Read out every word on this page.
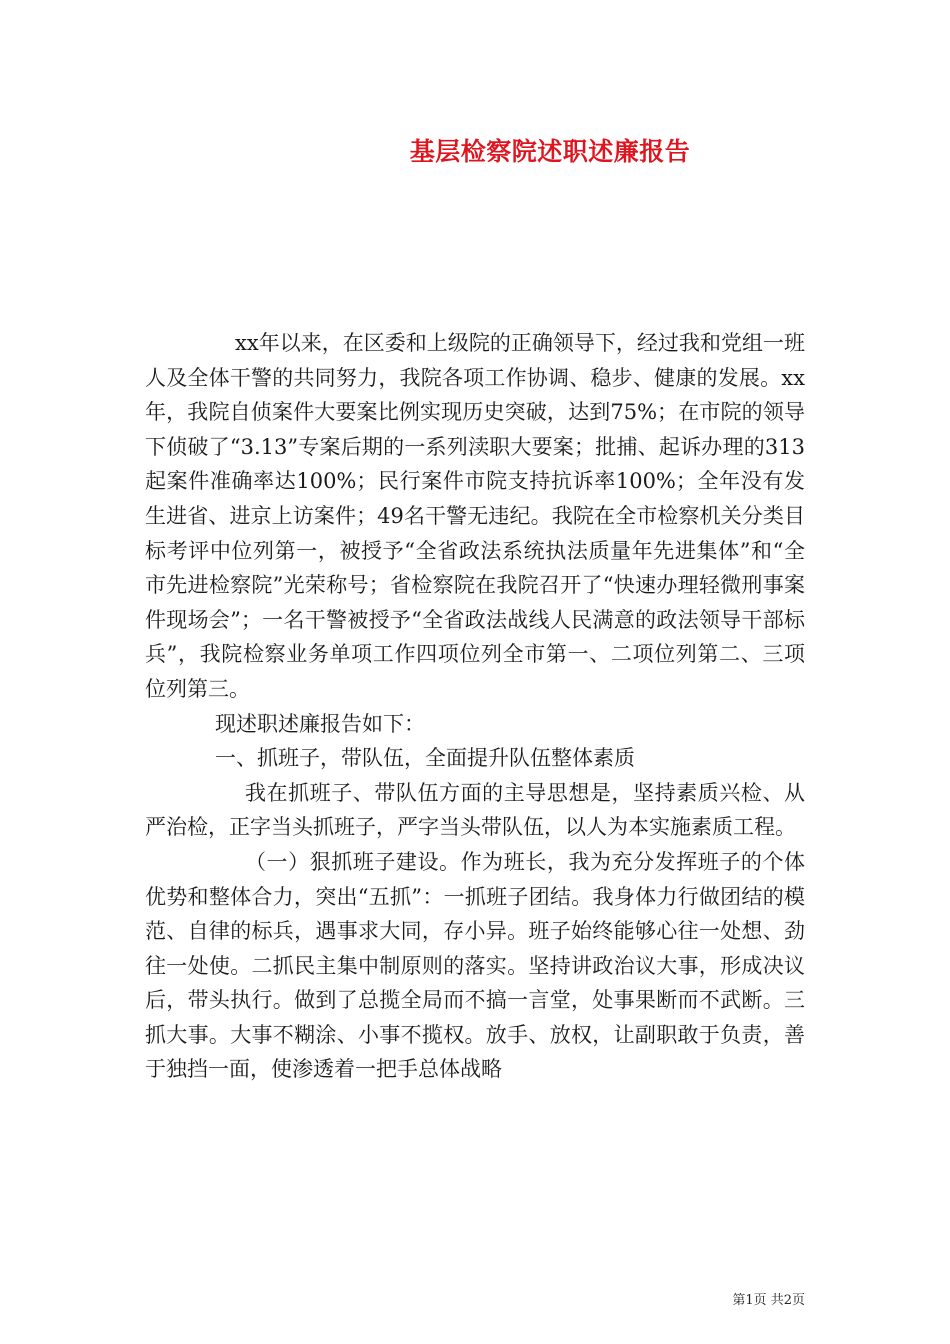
基层检察院述职述廉报告

xx年以来，在区委和上级院的正确领导下，经过我和党组一班人及全体干警的共同努力，我院各项工作协调、稳步、健康的发展。xx年，我院自侦案件大要案比例实现历史突破，达到75%；在市院的领导下侦破了“3.13”专案后期的一系列渎职大要案；批捕、起诉办理的313起案件准确率达100%；民行案件市院支持抗诉率100%；全年没有发生进省、进京上访案件；49名干警无违纪。我院在全市检察机关分类目标考评中位列第一，被授予“全省政法系统执法质量年先进集体”和“全市先进检察院”光荣称号；省检察院在我院召开了“快速办理轻微刑事案件现场会”；一名干警被授予“全省政法战线人民满意的政法领导干部标兵”，我院检察业务单项工作四项位列全市第一、二项位列第二、三项位列第三。

现述职述廉报告如下：

一、抓班子，带队伍，全面提升队伍整体素质

我在抓班子、带队伍方面的主导思想是，坚持素质兴检、从严治检，正字当头抓班子，严字当头带队伍，以人为本实施素质工程。

（一）狠抓班子建设。作为班长，我为充分发挥班子的个体优势和整体合力，突出“五抓”：一抓班子团结。我身体力行做团结的模范、自律的标兵，遇事求大同，存小异。班子始终能够心往一处想、劲往一处使。二抓民主集中制原则的落实。坚持讲政治议大事，形成决议后，带头执行。做到了总揽全局而不搞一言堂，处事果断而不武断。三抓大事。大事不糊涂、小事不揽权。放手、放权，让副职敢于负责，善于独挡一面，使渗透着一把手总体战略

第1页 共2页
